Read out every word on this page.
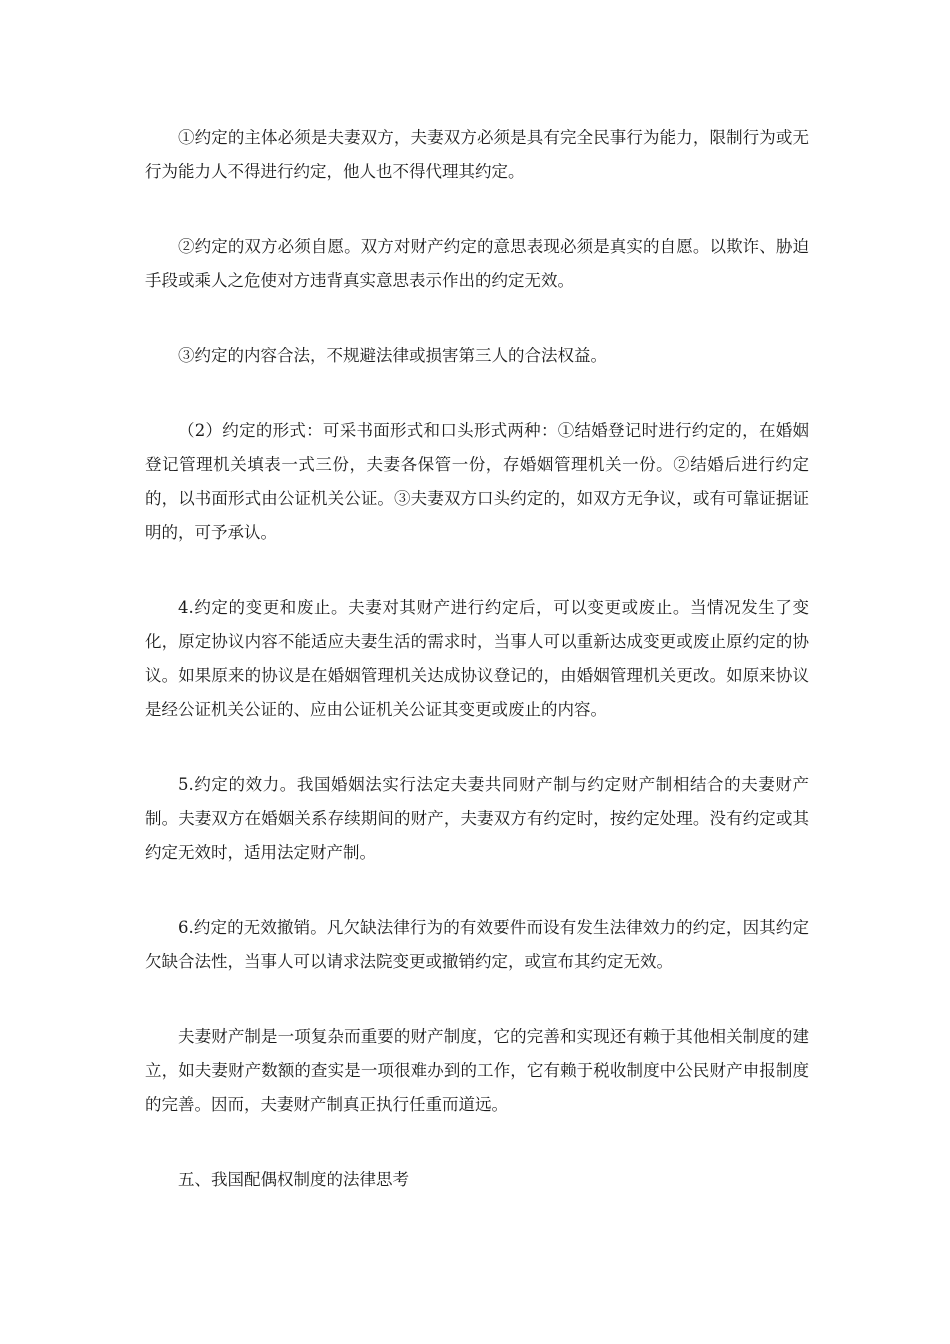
①约定的主体必须是夫妻双方，夫妻双方必须是具有完全民事行为能力，限制行为或无行为能力人不得进行约定，他人也不得代理其约定。

②约定的双方必须自愿。双方对财产约定的意思表现必须是真实的自愿。以欺诈、胁迫手段或乘人之危使对方违背真实意思表示作出的约定无效。

③约定的内容合法，不规避法律或损害第三人的合法权益。

（2）约定的形式：可采书面形式和口头形式两种：①结婚登记时进行约定的，在婚姻登记管理机关填表一式三份，夫妻各保管一份，存婚姻管理机关一份。②结婚后进行约定的，以书面形式由公证机关公证。③夫妻双方口头约定的，如双方无争议，或有可靠证据证明的，可予承认。

4.约定的变更和废止。夫妻对其财产进行约定后，可以变更或废止。当情况发生了变化，原定协议内容不能适应夫妻生活的需求时，当事人可以重新达成变更或废止原约定的协议。如果原来的协议是在婚姻管理机关达成协议登记的，由婚姻管理机关更改。如原来协议是经公证机关公证的、应由公证机关公证其变更或废止的内容。

5.约定的效力。我国婚姻法实行法定夫妻共同财产制与约定财产制相结合的夫妻财产制。夫妻双方在婚姻关系存续期间的财产，夫妻双方有约定时，按约定处理。没有约定或其约定无效时，适用法定财产制。

6.约定的无效撤销。凡欠缺法律行为的有效要件而设有发生法律效力的约定，因其约定欠缺合法性，当事人可以请求法院变更或撤销约定，或宣布其约定无效。

夫妻财产制是一项复杂而重要的财产制度，它的完善和实现还有赖于其他相关制度的建立，如夫妻财产数额的查实是一项很难办到的工作，它有赖于税收制度中公民财产申报制度的完善。因而，夫妻财产制真正执行任重而道远。

五、我国配偶权制度的法律思考
